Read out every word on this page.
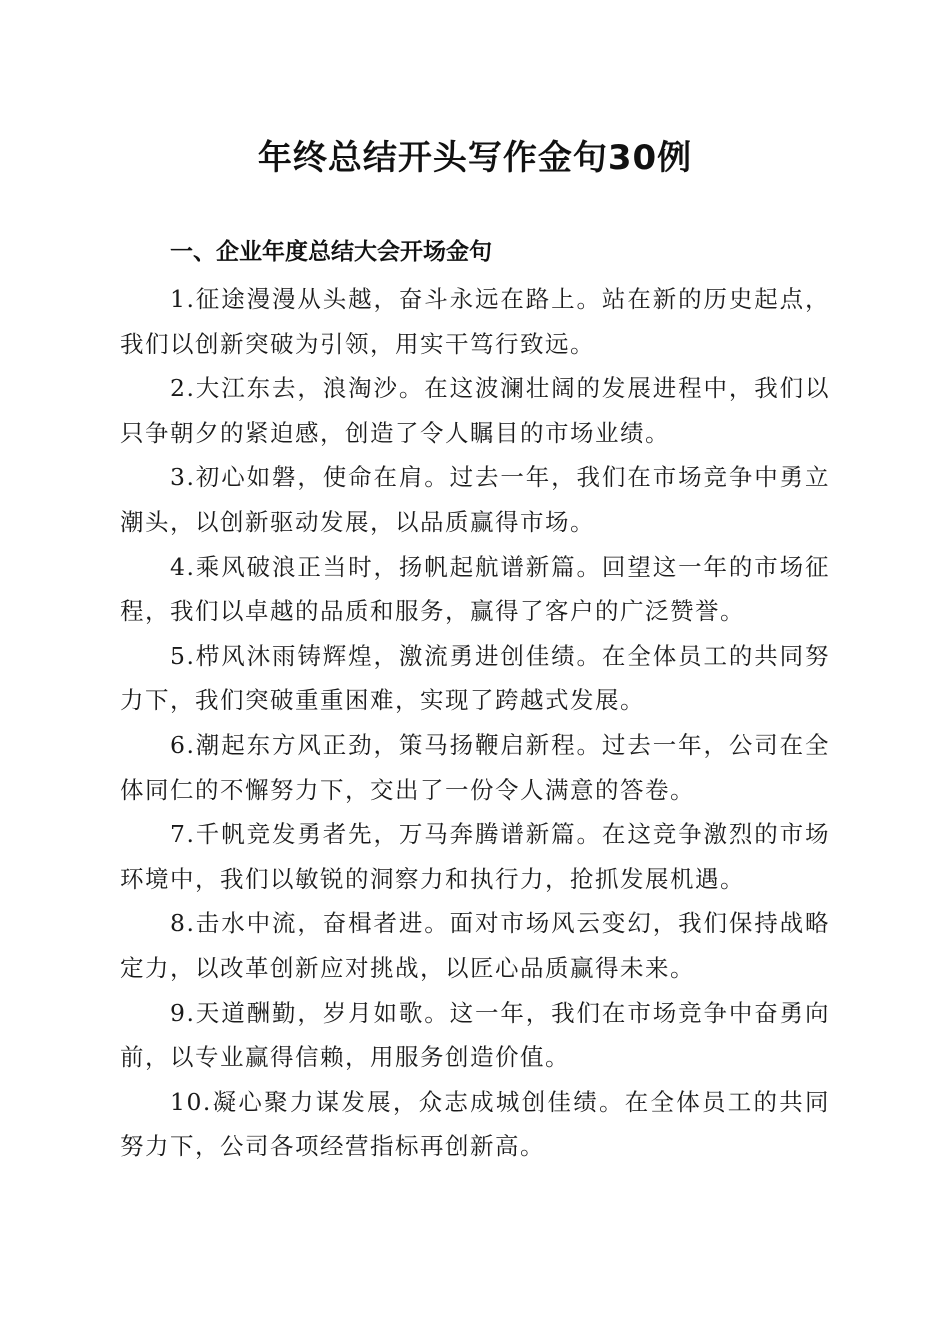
年终总结开头写作金句30例
一、企业年度总结大会开场金句

1.征途漫漫从头越，奋斗永远在路上。站在新的历史起点，我们以创新突破为引领，用实干笃行致远。

2.大江东去，浪淘沙。在这波澜壮阔的发展进程中，我们以只争朝夕的紧迫感，创造了令人瞩目的市场业绩。

3.初心如磐，使命在肩。过去一年，我们在市场竞争中勇立潮头，以创新驱动发展，以品质赢得市场。

4.乘风破浪正当时，扬帆起航谱新篇。回望这一年的市场征程，我们以卓越的品质和服务，赢得了客户的广泛赞誉。

5.栉风沐雨铸辉煌，激流勇进创佳绩。在全体员工的共同努力下，我们突破重重困难，实现了跨越式发展。

6.潮起东方风正劲，策马扬鞭启新程。过去一年，公司在全体同仁的不懈努力下，交出了一份令人满意的答卷。

7.千帆竞发勇者先，万马奔腾谱新篇。在这竞争激烈的市场环境中，我们以敏锐的洞察力和执行力，抢抓发展机遇。

8.击水中流，奋楫者进。面对市场风云变幻，我们保持战略定力，以改革创新应对挑战，以匠心品质赢得未来。

9.天道酬勤，岁月如歌。这一年，我们在市场竞争中奋勇向前，以专业赢得信赖，用服务创造价值。

10.凝心聚力谋发展，众志成城创佳绩。在全体员工的共同努力下，公司各项经营指标再创新高。
